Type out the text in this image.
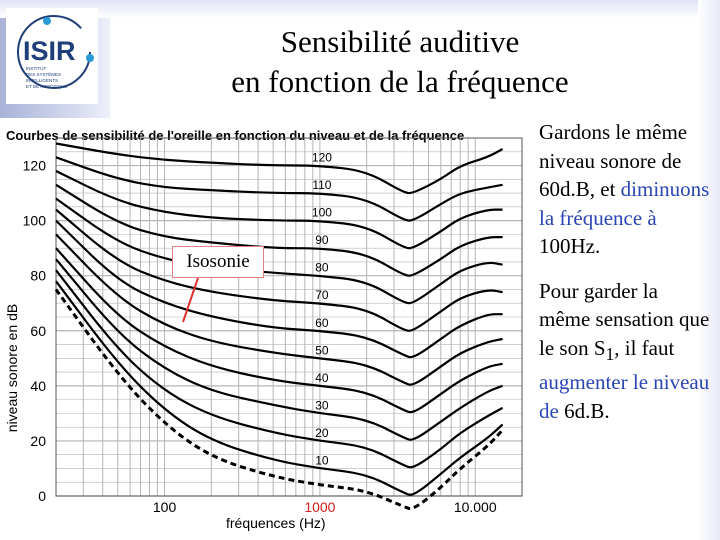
ISIR
INSTITUT
DES SYSTÈMES
INTELLIGENTS
ET DE ROBOTIQUE
Sensibilité auditive
en fonction de la fréquence
Courbes de sensibilité de l'oreille en fonction du niveau et de la fréquence
10
20
30
40
50
60
70
80
90
100
110
120
0
20
40
60
80
100
120
100	1000	10.000
fréquences (Hz)
niveau sonore en dB
Isosonie

Gardons le même niveau sonore de 60d.B, et diminuons la fréquence à 100Hz.

Pour garder la même sensation que le son $S_1$, il faut augmenter le niveau de 6d.B.
